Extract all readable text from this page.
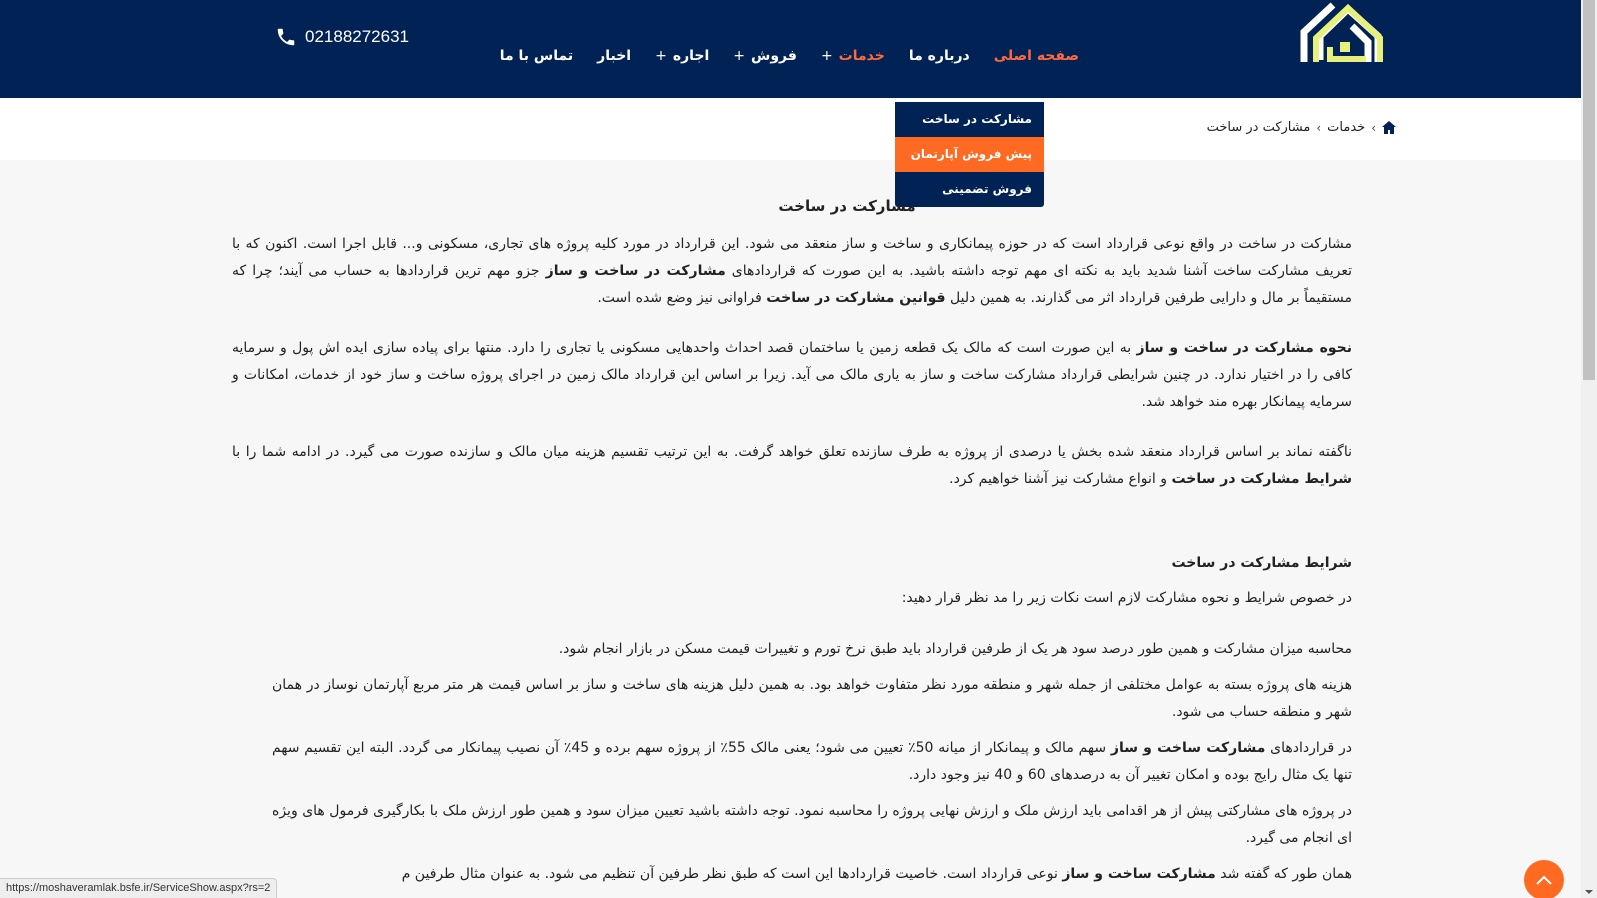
صفحه اصلی
درباره ما
خدمات
+
فروش
+
اجاره
+
اخبار
تماس با ما
02188272631
›
خدمات
›
مشارکت در ساخت
مشارکت در ساخت
پیش فروش آپارتمان
فروش تضمینی
مشارکت در ساخت

مشارکت در ساخت در واقع نوعی قرارداد است که در حوزه پیمانکاری و ساخت و ساز منعقد می شود. این قرارداد در مورد کلیه پروژه های تجاری، مسکونی و... قابل اجرا است. اکنون که با تعریف مشارکت ساخت آشنا شدید باید به نکته ای مهم توجه داشته باشید. به این صورت که قراردادهای مشارکت در ساخت و ساز جزو مهم ترین قراردادها به حساب می آیند؛ چرا که مستقیماً بر مال و دارایی طرفین قرارداد اثر می گذارند. به همین دلیل قوانین مشارکت در ساخت فراوانی نیز وضع شده است.

نحوه مشارکت در ساخت و ساز به این صورت است که مالک یک قطعه زمین یا ساختمان قصد احداث واحدهایی مسکونی یا تجاری را دارد. منتها برای پیاده سازی ایده اش پول و سرمایه کافی را در اختیار ندارد. در چنین شرایطی قرارداد مشارکت ساخت و ساز به یاری مالک می آید. زیرا بر اساس این قرارداد مالک زمین در اجرای پروژه ساخت و ساز خود از خدمات، امکانات و سرمایه پیمانکار بهره مند خواهد شد.

ناگفته نماند بر اساس قرارداد منعقد شده بخش یا درصدی از پروژه به طرف سازنده تعلق خواهد گرفت. به این ترتیب تقسیم هزینه میان مالک و سازنده صورت می گیرد. در ادامه شما را با شرایط مشارکت در ساخت و انواع مشارکت نیز آشنا خواهیم کرد.

شرایط مشارکت در ساخت

در خصوص شرایط و نحوه مشارکت لازم است نکات زیر را مد نظر قرار دهید:

محاسبه میزان مشارکت و همین طور درصد سود هر یک از طرفین قرارداد باید طبق نرخ تورم و تغییرات قیمت مسکن در بازار انجام شود.

هزینه های پروژه بسته به عوامل مختلفی از جمله شهر و منطقه مورد نظر متفاوت خواهد بود. به همین دلیل هزینه های ساخت و ساز بر اساس قیمت هر متر مربع آپارتمان نوساز در همان شهر و منطقه حساب می شود.

در قراردادهای مشارکت ساخت و ساز سهم مالک و پیمانکار از میانه 50٪ تعیین می شود؛ یعنی مالک 55٪ از پروژه سهم برده و 45٪ آن نصیب پیمانکار می گردد. البته این تقسیم سهم تنها یک مثال رایج بوده و امکان تغییر آن به درصدهای 60 و 40 نیز وجود دارد.

در پروژه های مشارکتی پیش از هر اقدامی باید ارزش ملک و ارزش نهایی پروژه را محاسبه نمود. توجه داشته باشید تعیین میزان سود و همین طور ارزش ملک با بکارگیری فرمول های ویژه ای انجام می گیرد.

همان طور که گفته شد مشارکت ساخت و ساز نوعی قرارداد است. خاصیت قراردادها این است که طبق نظر طرفین آن تنظیم می شود. به عنوان مثال طرفین م

https://moshaveramlak.bsfe.ir/ServiceShow.aspx?rs=2
